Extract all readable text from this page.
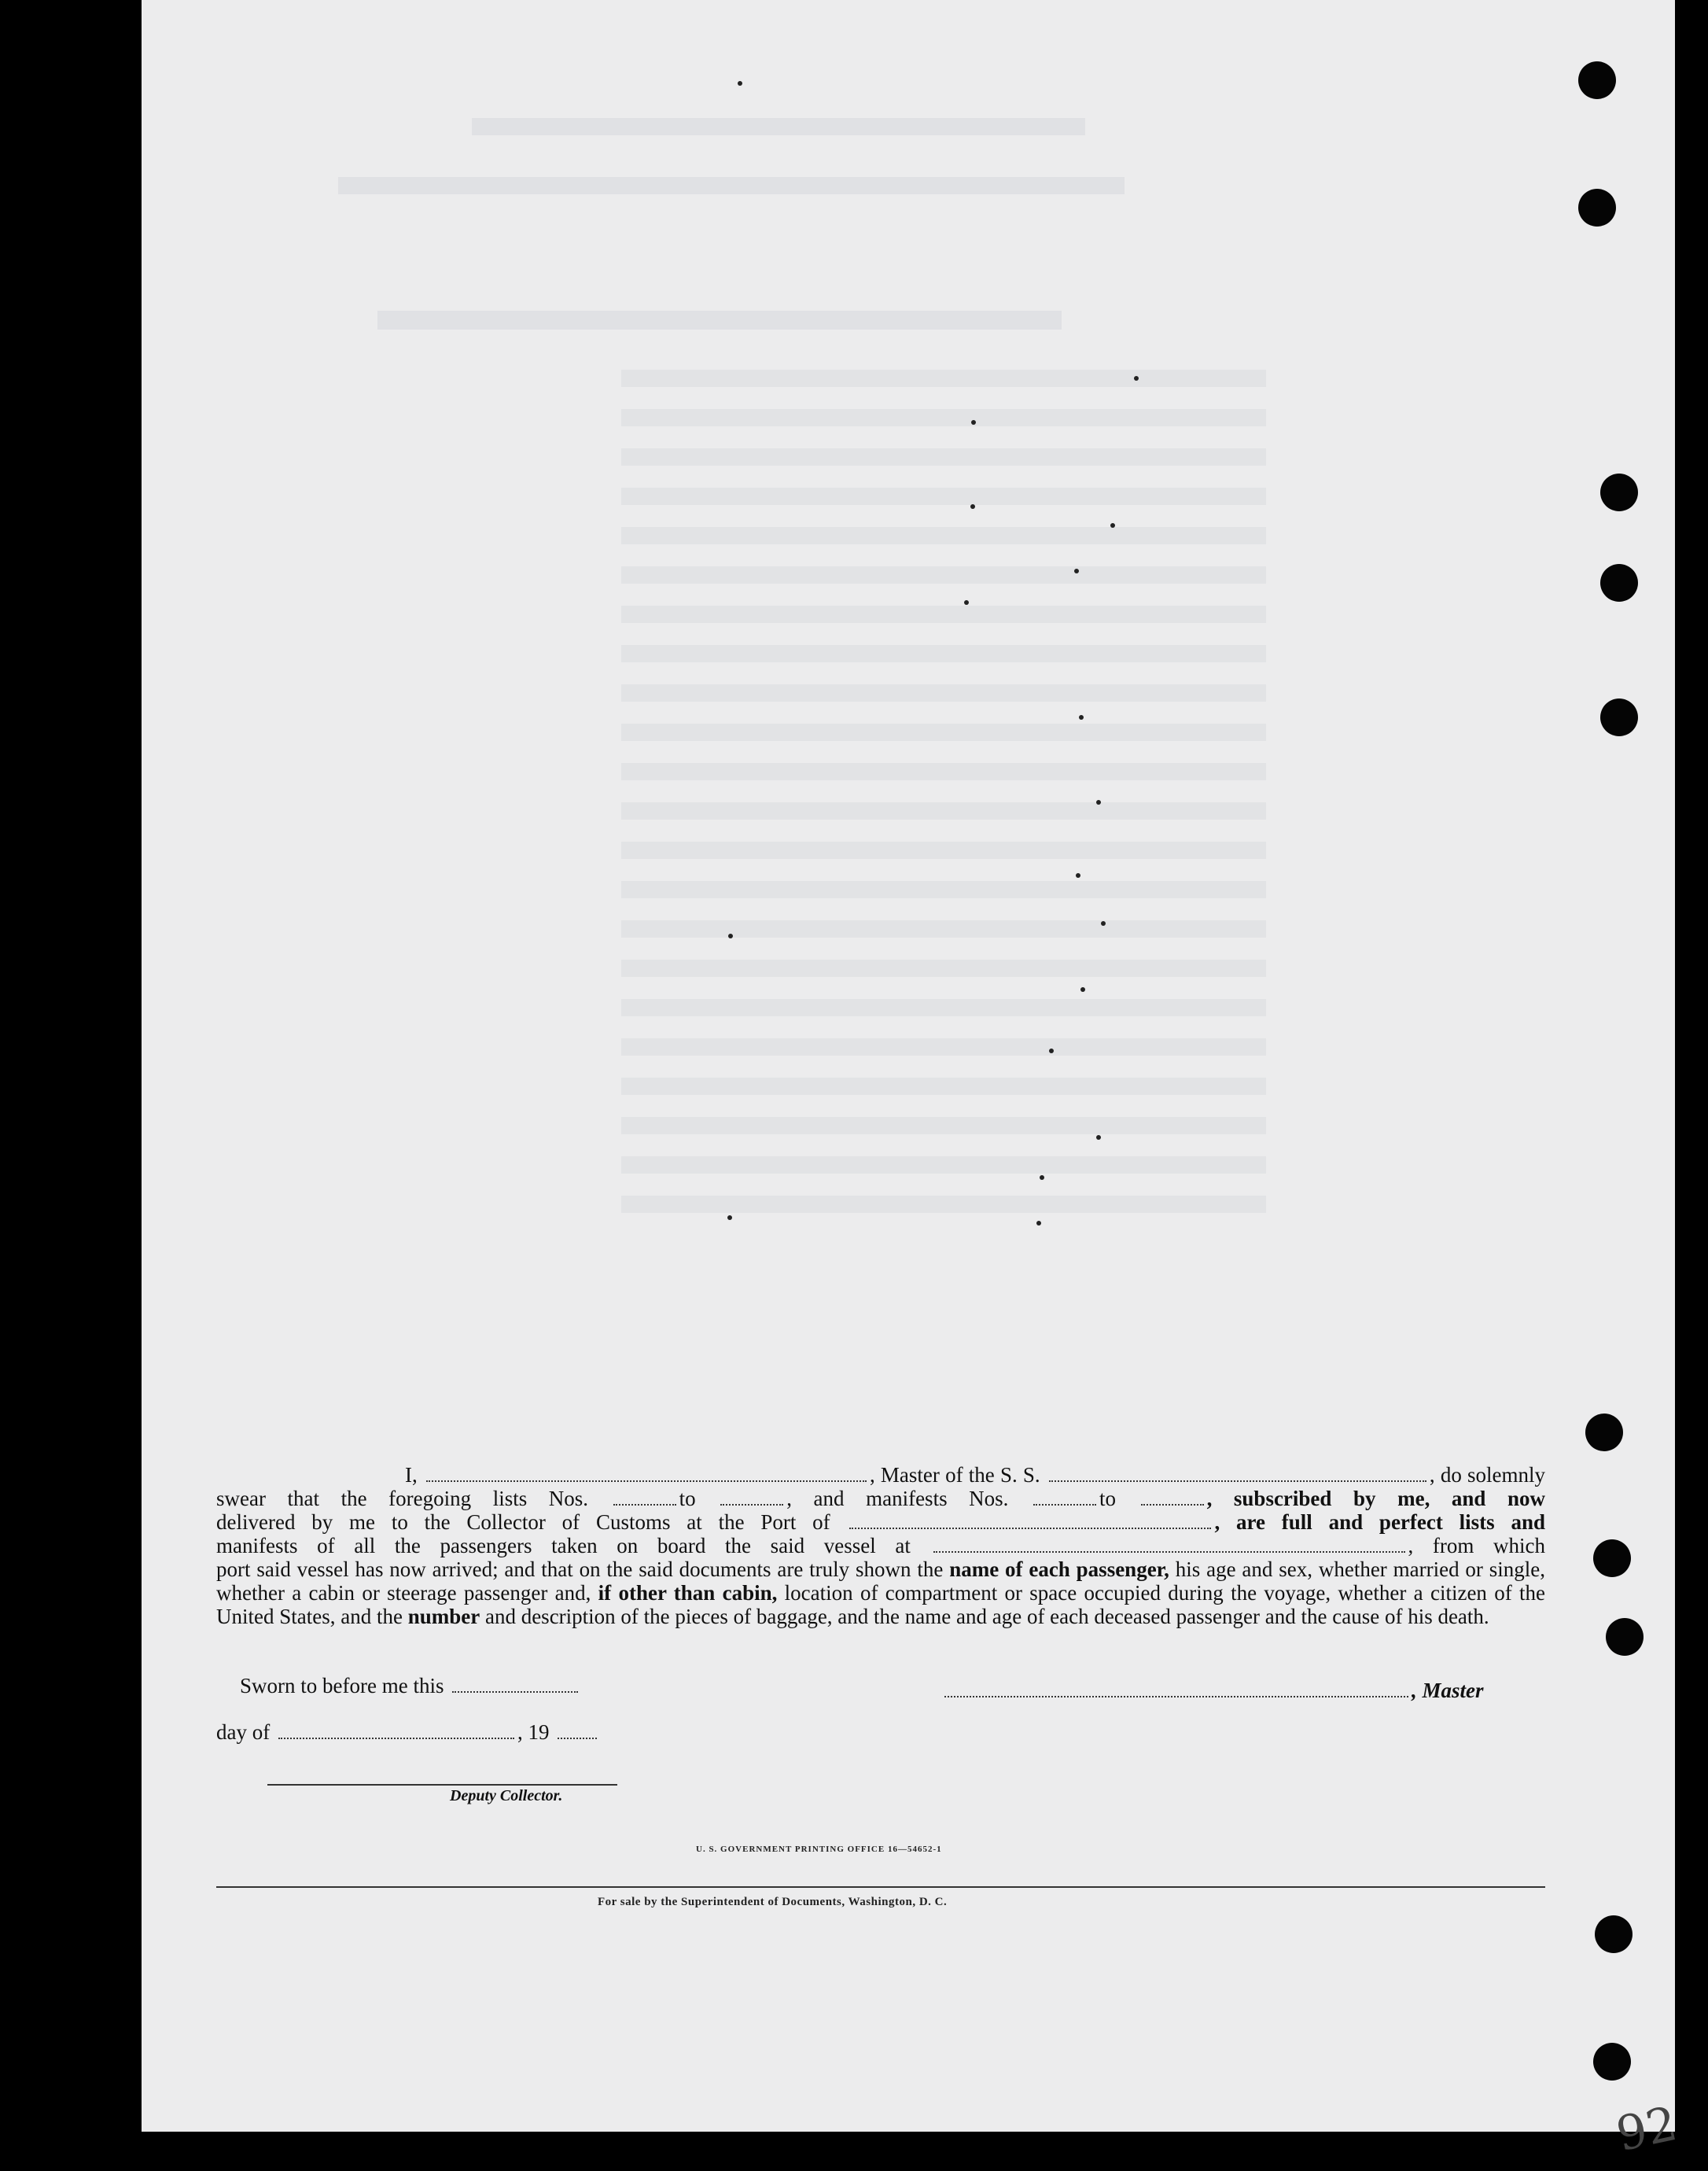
I,	, Master of the S. S.	, do solemnly

swear that the foregoing lists Nos.	to	, and manifests Nos.	to	, subscribed by me, and now

delivered by me to the Collector of Customs at the Port of	, are full and perfect lists and

manifests of all the passengers taken on board the said vessel at	, from which

port said vessel has now arrived; and that on the said documents are truly shown the name of each passenger, his age and sex, whether married or single, whether a cabin or steerage passenger and, if other than cabin, location of compartment or space occupied during the voyage, whether a citizen of the United States, and the number and description of the pieces of baggage, and the name and age of each deceased passenger and the cause of his death.

Sworn to before me this	, Master
day of	, 19
Deputy Collector.
U. S. GOVERNMENT PRINTING OFFICE 16—54652-1
For sale by the Superintendent of Documents, Washington, D. C.
92
